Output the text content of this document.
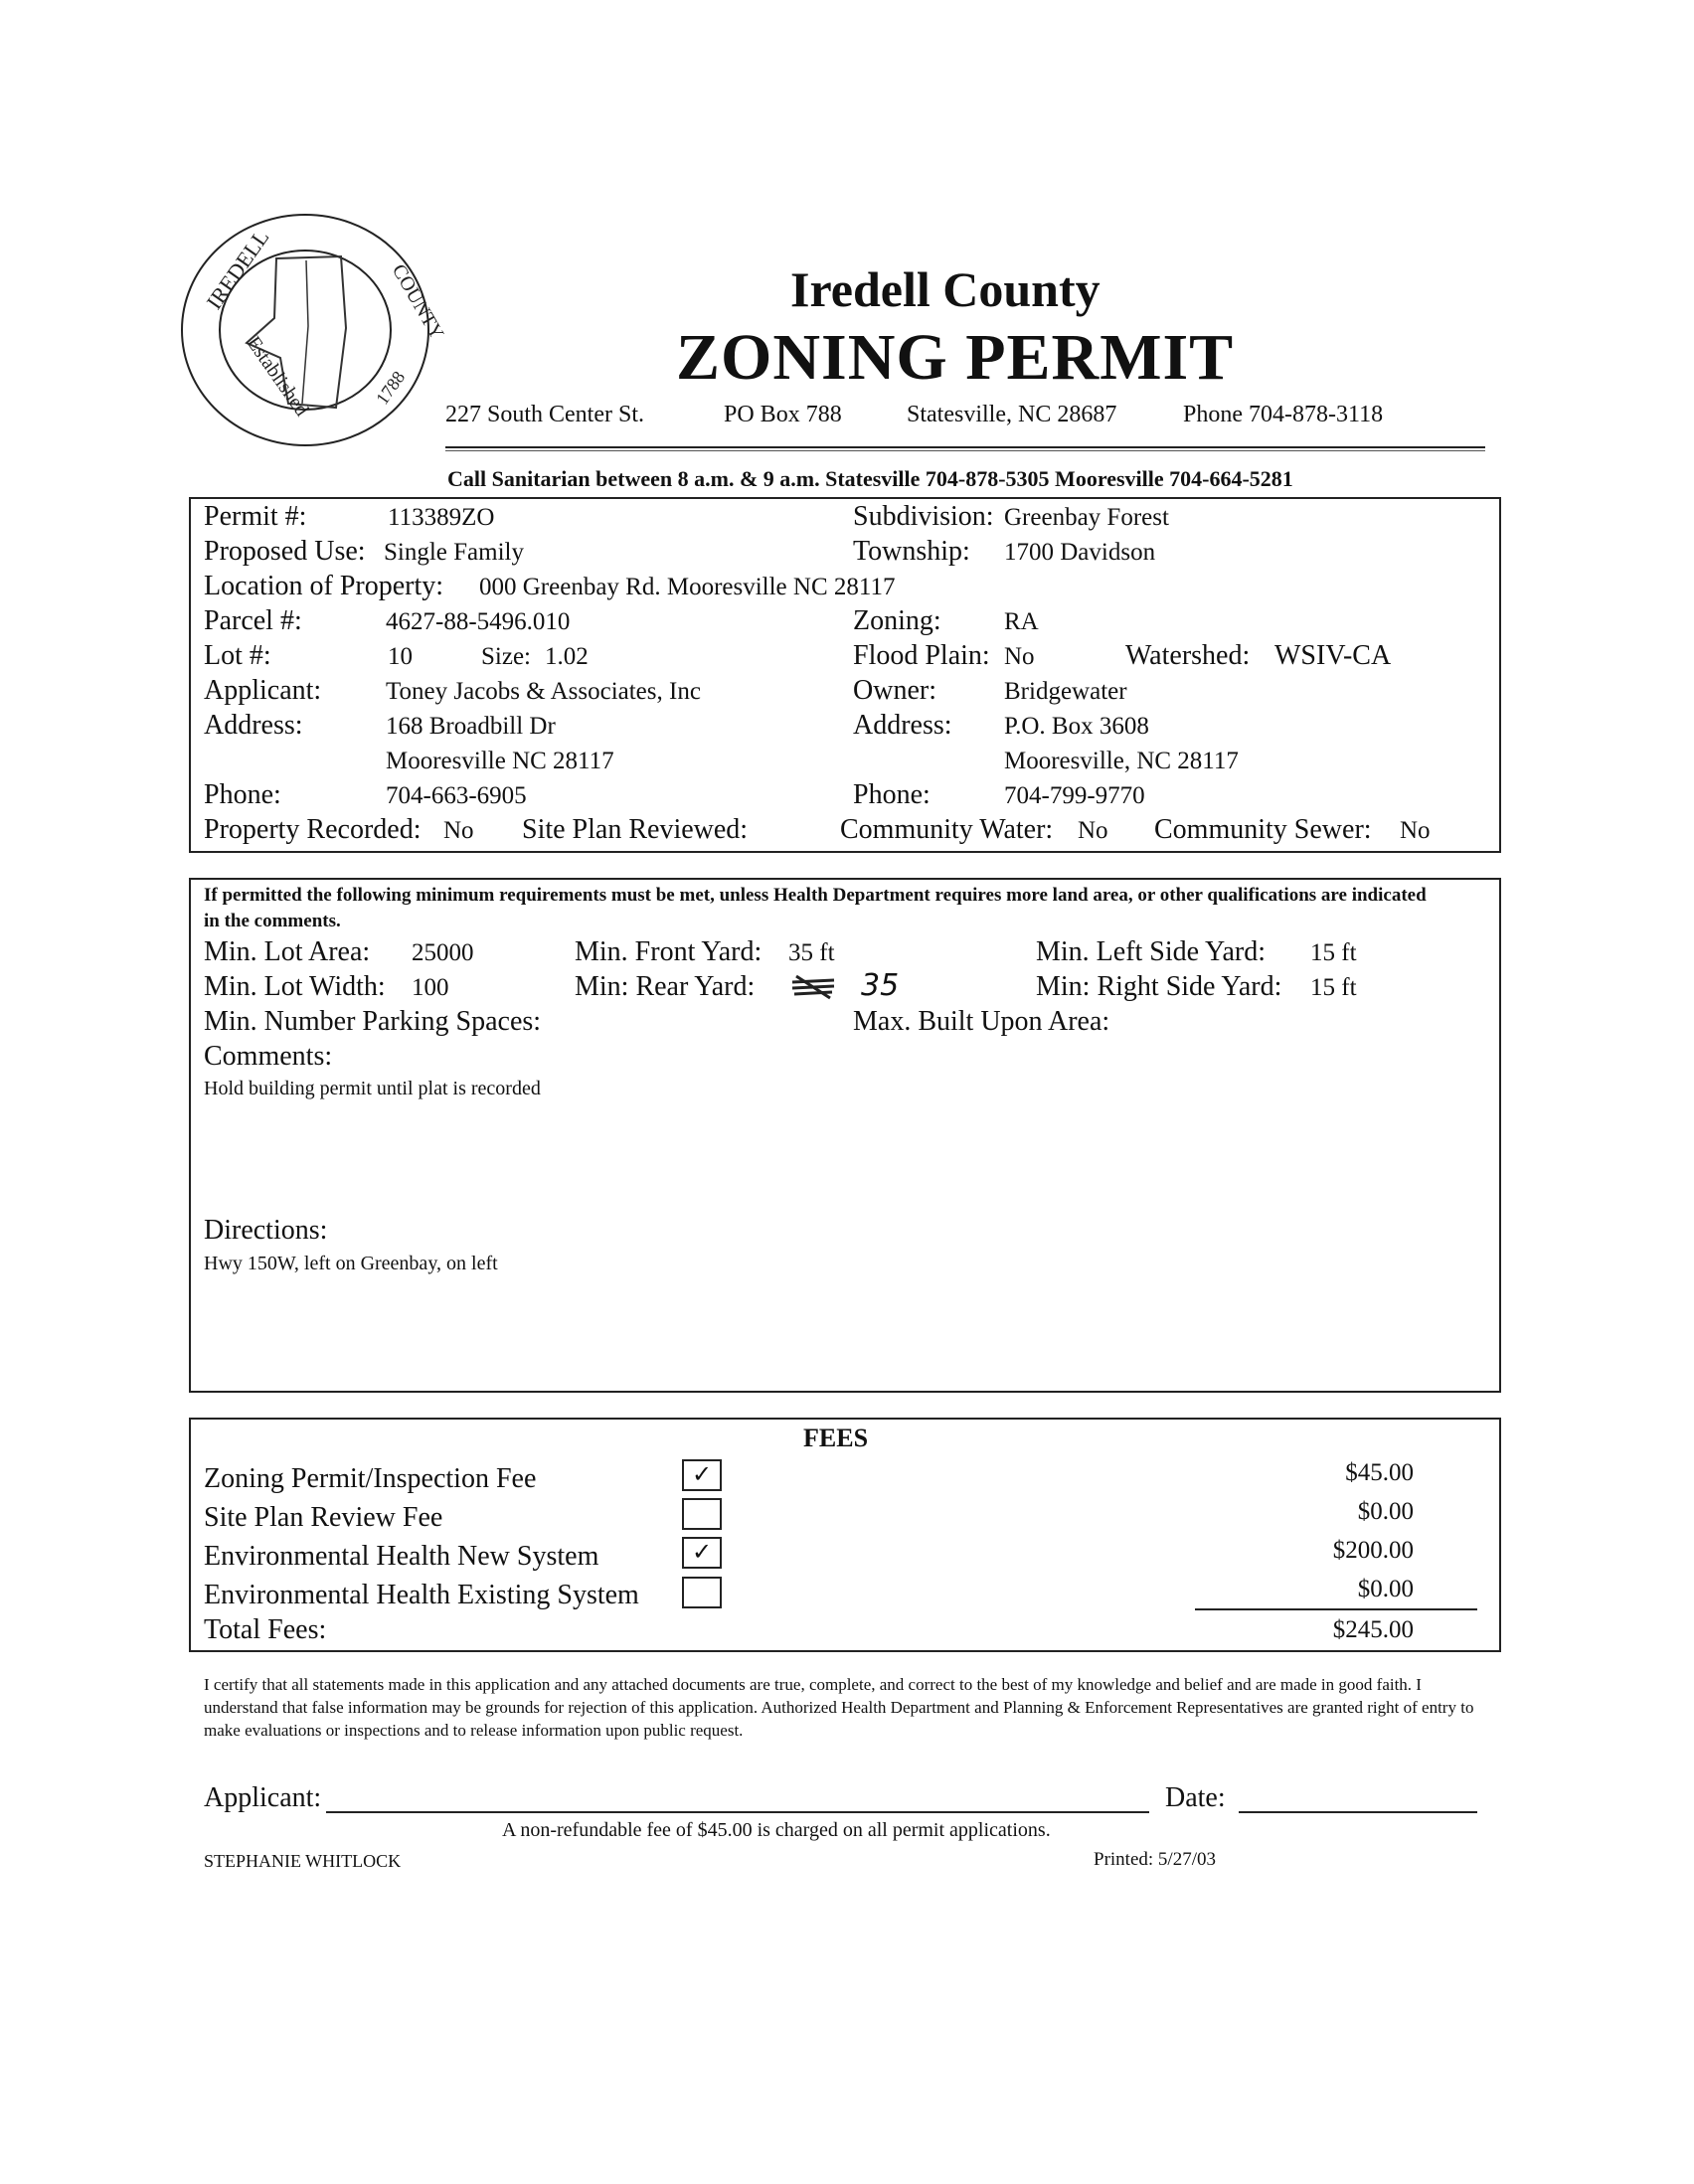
IREDELL	COUNTY
Established	1788
Iredell County
ZONING PERMIT
227 South Center St.	PO Box 788	Statesville, NC 28687	Phone 704-878-3118
Call Sanitarian between 8 a.m. & 9 a.m. Statesville 704-878-5305 Mooresville 704-664-5281
Permit #:	113389ZO	Subdivision: Greenbay Forest
Proposed Use: Single Family	Township: 1700 Davidson
Location of Property: 000 Greenbay Rd. Mooresville NC 28117
Parcel #:	4627-88-5496.010	Zoning:	RA
Lot #:	10	Size: 1.02	Flood Plain: No	Watershed: WSIV-CA
Applicant:	Toney Jacobs & Associates, Inc	Owner:	Bridgewater
Address:	168 Broadbill Dr	Address: P.O. Box 3608
Mooresville NC 28117	Mooresville, NC 28117
Phone:	704-663-6905	Phone:	704-799-9770
Property Recorded: No Site Plan Reviewed:	Community Water: No Community Sewer: No
If permitted the following minimum requirements must be met, unless Health Department requires more land area, or other qualifications are indicated in the comments.
Min. Lot Area: 25000	Min. Front Yard: 35 ft	Min. Left Side Yard: 15 ft
Min. Lot Width: 100	Min: Rear Yard:	35	Min: Right Side Yard: 15 ft
Min. Number Parking Spaces:	Max. Built Upon Area:
Comments:
Hold building permit until plat is recorded
Directions:
Hwy 150W, left on Greenbay, on left
FEES
Zoning Permit/Inspection Fee	✓	$45.00
Site Plan Review Fee	$0.00
Environmental Health New System	✓	$200.00
Environmental Health Existing System	$0.00
Total Fees:	$245.00
I certify that all statements made in this application and any attached documents are true, complete, and correct to the best of my knowledge and belief and are made in good faith. I understand that false information may be grounds for rejection of this application. Authorized Health Department and Planning & Enforcement Representatives are granted right of entry to make evaluations or inspections and to release information upon public request.
Applicant:	Date:
A non-refundable fee of $45.00 is charged on all permit applications.
STEPHANIE WHITLOCK	Printed: 5/27/03
